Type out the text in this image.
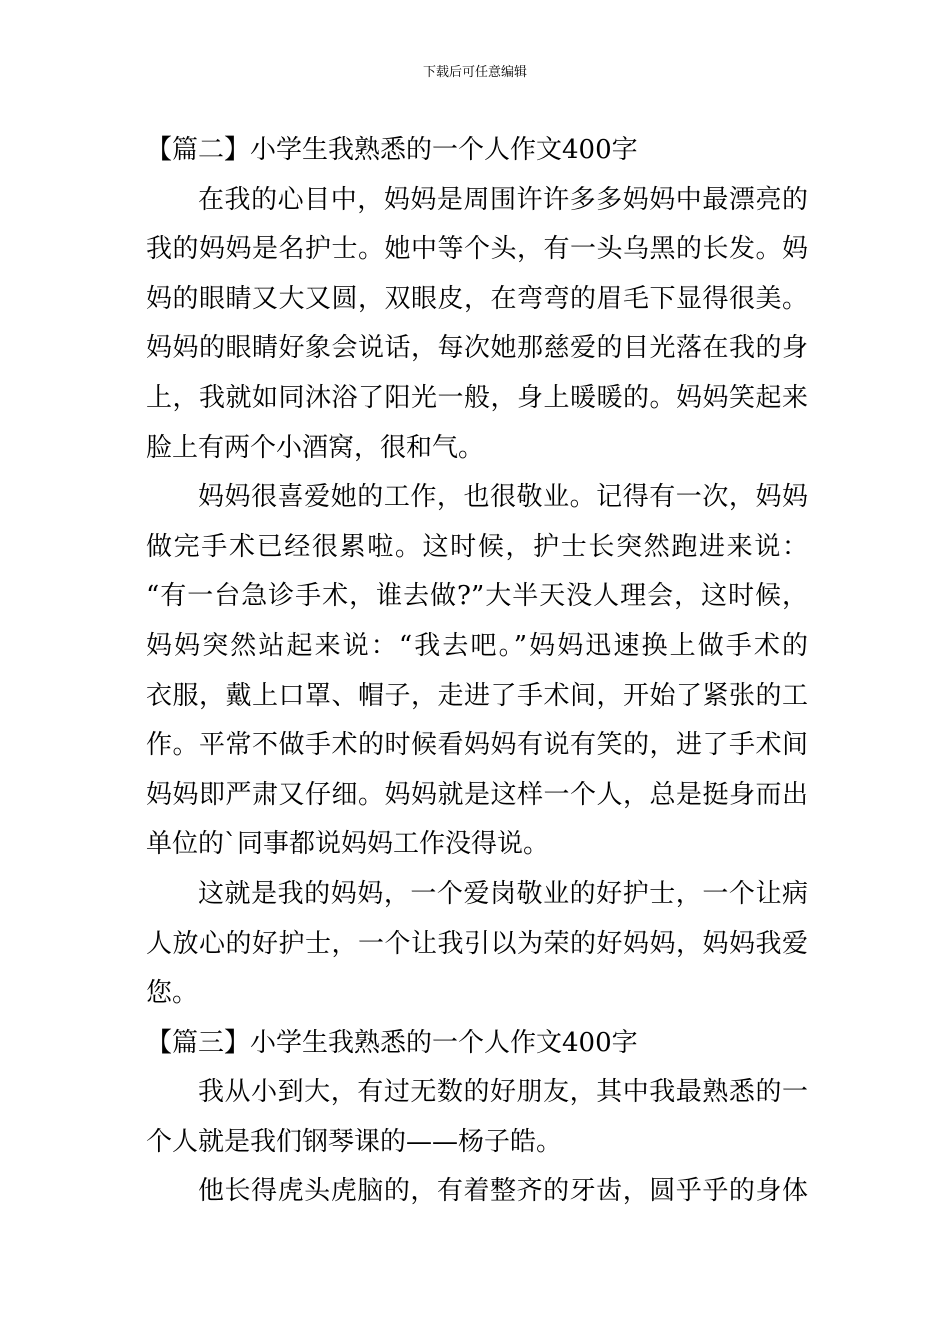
下载后可任意编辑
【篇二】小学生我熟悉的一个人作文400字
在我的心目中，妈妈是周围许许多多妈妈中最漂亮的
我的妈妈是名护士。她中等个头，有一头乌黑的长发。妈
妈的眼睛又大又圆，双眼皮，在弯弯的眉毛下显得很美。
妈妈的眼睛好象会说话，每次她那慈爱的目光落在我的身
上，我就如同沐浴了阳光一般，身上暖暖的。妈妈笑起来
脸上有两个小酒窝，很和气。
妈妈很喜爱她的工作，也很敬业。记得有一次，妈妈
做完手术已经很累啦。这时候，护士长突然跑进来说：
“有一台急诊手术，谁去做?”大半天没人理会，这时候，
妈妈突然站起来说：“我去吧。”妈妈迅速换上做手术的
衣服，戴上口罩、帽子，走进了手术间，开始了紧张的工
作。平常不做手术的时候看妈妈有说有笑的，进了手术间
妈妈即严肃又仔细。妈妈就是这样一个人，总是挺身而出
单位的`同事都说妈妈工作没得说。
这就是我的妈妈，一个爱岗敬业的好护士，一个让病
人放心的好护士，一个让我引以为荣的好妈妈，妈妈我爱
您。
【篇三】小学生我熟悉的一个人作文400字
我从小到大，有过无数的好朋友，其中我最熟悉的一
个人就是我们钢琴课的——杨子皓。
他长得虎头虎脑的，有着整齐的牙齿，圆乎乎的身体
